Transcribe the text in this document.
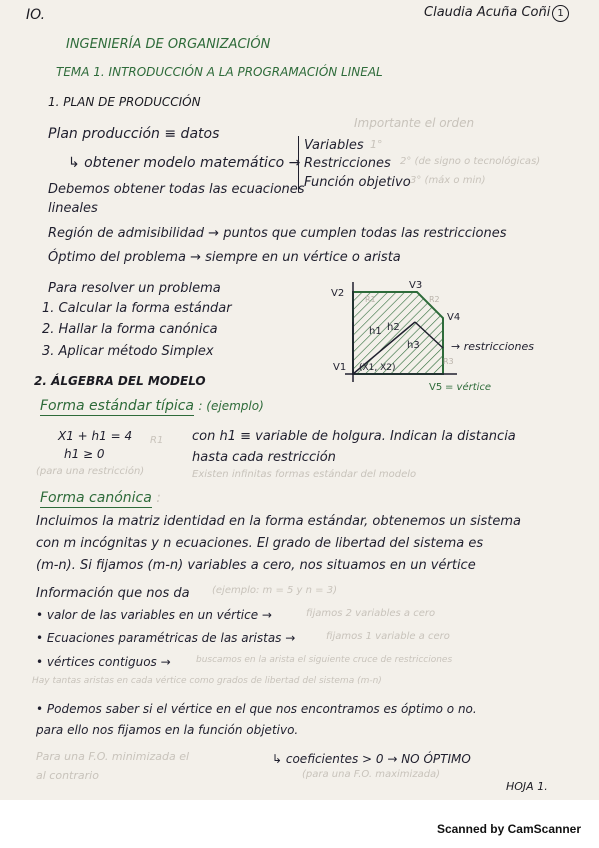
IO.	Claudia Acuña Coñi 1
INGENIERÍA DE ORGANIZACIÓN
TEMA 1. INTRODUCCIÓN A LA PROGRAMACIÓN LINEAL
1. PLAN DE PRODUCCIÓN
Plan producción ≡ datos
Importante el orden
↳ obtener modelo matemático →
Variables 1°
Restricciones 2° (de signo o tecnológicas)
Función objetivo 3° (máx o min)
Debemos obtener todas las ecuaciones
lineales
Región de admisibilidad → puntos que cumplen todas las restricciones
Óptimo del problema → siempre en un vértice o arista
Para resolver un problema
1. Calcular la forma estándar
2. Hallar la forma canónica
3. Aplicar método Simplex
V2
V3
V4
V1
V5 = vértice
h1 h2
h3
(X1, X2)
→ restricciones
R1	R2
R3
2. ÁLGEBRA DEL MODELO
Forma estándar típica : (ejemplo)
X1 + h1 = 4 R1
h1 ≥ 0
(para una restricción)
con h1 ≡ variable de holgura. Indican la distancia
hasta cada restricción
Existen infinitas formas estándar del modelo
Forma canónica :
Incluimos la matriz identidad en la forma estándar, obtenemos un sistema
con m incógnitas y n ecuaciones. El grado de libertad del sistema es
(m-n). Si fijamos (m-n) variables a cero, nos situamos en un vértice
Información que nos da (ejemplo: m = 5 y n = 3)
• valor de las variables en un vértice →	fijamos 2 variables a cero
• Ecuaciones paramétricas de las aristas →	fijamos 1 variable a cero
• vértices contiguos →	buscamos en la arista el siguiente cruce de restricciones
Hay tantas aristas en cada vértice como grados de libertad del sistema (m-n)
• Podemos saber si el vértice en el que nos encontramos es óptimo o no.
para ello nos fijamos en la función objetivo.
Para una F.O. minimizada el
al contrario
↳ coeficientes > 0 → NO ÓPTIMO
(para una F.O. maximizada)
HOJA 1.
Scanned by CamScanner
